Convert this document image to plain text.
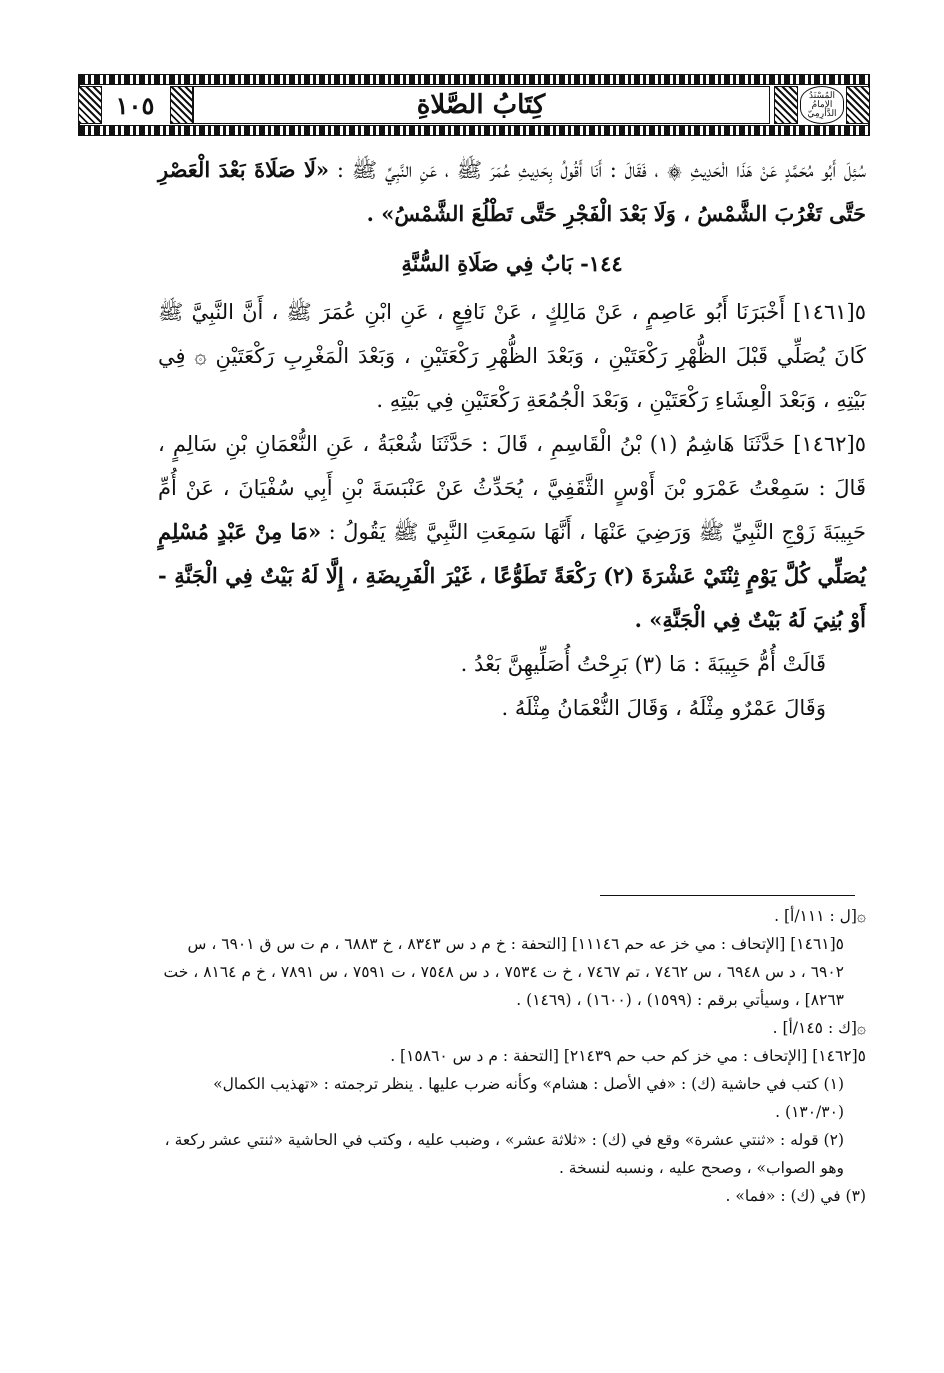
١٠٥	كِتَابُ الصَّلاةِ	المُسْنَدُ الإمامُ الدَّارِمِيّ

سُئِلَ أَبُو مُحَمَّدٍ عَنْ هَذَا الْحَدِيثِ ۞ ، فَقَالَ : أَنَا أَقُولُ بِحَدِيثِ عُمَرَ ﷺ ، عَنِ النَّبِيِّ ﷺ : «لَا صَلَاةَ بَعْدَ الْعَصْرِ حَتَّى تَغْرُبَ الشَّمْسُ ، وَلَا بَعْدَ الْفَجْرِ حَتَّى تَطْلُعَ الشَّمْسُ» .

١٤٤- بَابٌ فِي صَلَاةِ السُّنَّةِ

٥[١٤٦١] أَخْبَرَنَا أَبُو عَاصِمٍ ، عَنْ مَالِكٍ ، عَنْ نَافِعٍ ، عَنِ ابْنِ عُمَرَ ﷺ ، أَنَّ النَّبِيَّ ﷺ كَانَ يُصَلِّي قَبْلَ الظُّهْرِ رَكْعَتَيْنِ ، وَبَعْدَ الظُّهْرِ رَكْعَتَيْنِ ، وَبَعْدَ الْمَغْرِبِ رَكْعَتَيْنِ ۞ فِي بَيْتِهِ ، وَبَعْدَ الْعِشَاءِ رَكْعَتَيْنِ ، وَبَعْدَ الْجُمُعَةِ رَكْعَتَيْنِ فِي بَيْتِهِ .

٥[١٤٦٢] حَدَّثَنَا هَاشِمُ (١) بْنُ الْقَاسِمِ ، قَالَ : حَدَّثَنَا شُعْبَةُ ، عَنِ النُّعْمَانِ بْنِ سَالِمٍ ، قَالَ : سَمِعْتُ عَمْرَو بْنَ أَوْسٍ الثَّقَفِيَّ ، يُحَدِّثُ عَنْ عَنْبَسَةَ بْنِ أَبِي سُفْيَانَ ، عَنْ أُمِّ حَبِيبَةَ زَوْجِ النَّبِيِّ ﷺ وَرَضِيَ عَنْهَا ، أَنَّهَا سَمِعَتِ النَّبِيَّ ﷺ يَقُولُ : «مَا مِنْ عَبْدٍ مُسْلِمٍ يُصَلِّي كُلَّ يَوْمٍ ثِنْتَيْ عَشْرَةَ (٢) رَكْعَةً تَطَوُّعًا ، غَيْرَ الْفَرِيضَةِ ، إِلَّا لَهُ بَيْتٌ فِي الْجَنَّةِ - أَوْ بُنِيَ لَهُ بَيْتٌ فِي الْجَنَّةِ» .

قَالَتْ أُمُّ حَبِيبَةَ : مَا (٣) بَرِحْتُ أُصَلِّيهِنَّ بَعْدُ .

وَقَالَ عَمْرٌو مِثْلَهُ ، وَقَالَ النُّعْمَانُ مِثْلَهُ .

۞[ل : ١١١/أ] .

٥[١٤٦١] [الإتحاف : مي خز عه حم ١١١٤٦] [التحفة : خ م د س ٨٣٤٣ ، خ ٦٨٨٣ ، م ت س ق ٦٩٠١ ، س ٦٩٠٢ ، د س ٦٩٤٨ ، س ٧٤٦٢ ، تم ٧٤٦٧ ، خ ت ٧٥٣٤ ، د س ٧٥٤٨ ، ت ٧٥٩١ ، س ٧٨٩١ ، خ م ٨١٦٤ ، خت ٨٢٦٣] ، وسيأتي برقم : (١٥٩٩) ، (١٦٠٠) ، (١٤٦٩) .

۞[ك : ١٤٥/أ] .

٥[١٤٦٢] [الإتحاف : مي خز كم حب حم ٢١٤٣٩] [التحفة : م د س ١٥٨٦٠] .

(١) كتب في حاشية (ك) : «في الأصل : هشام» وكأنه ضرب عليها . ينظر ترجمته : «تهذيب الكمال» (١٣٠/٣٠) .

(٢) قوله : «ثنتي عشرة» وقع في (ك) : «ثلاثة عشر» ، وضبب عليه ، وكتب في الحاشية «ثنتي عشر ركعة ، وهو الصواب» ، وصحح عليه ، ونسبه لنسخة .

(٣) في (ك) : «فما» .
